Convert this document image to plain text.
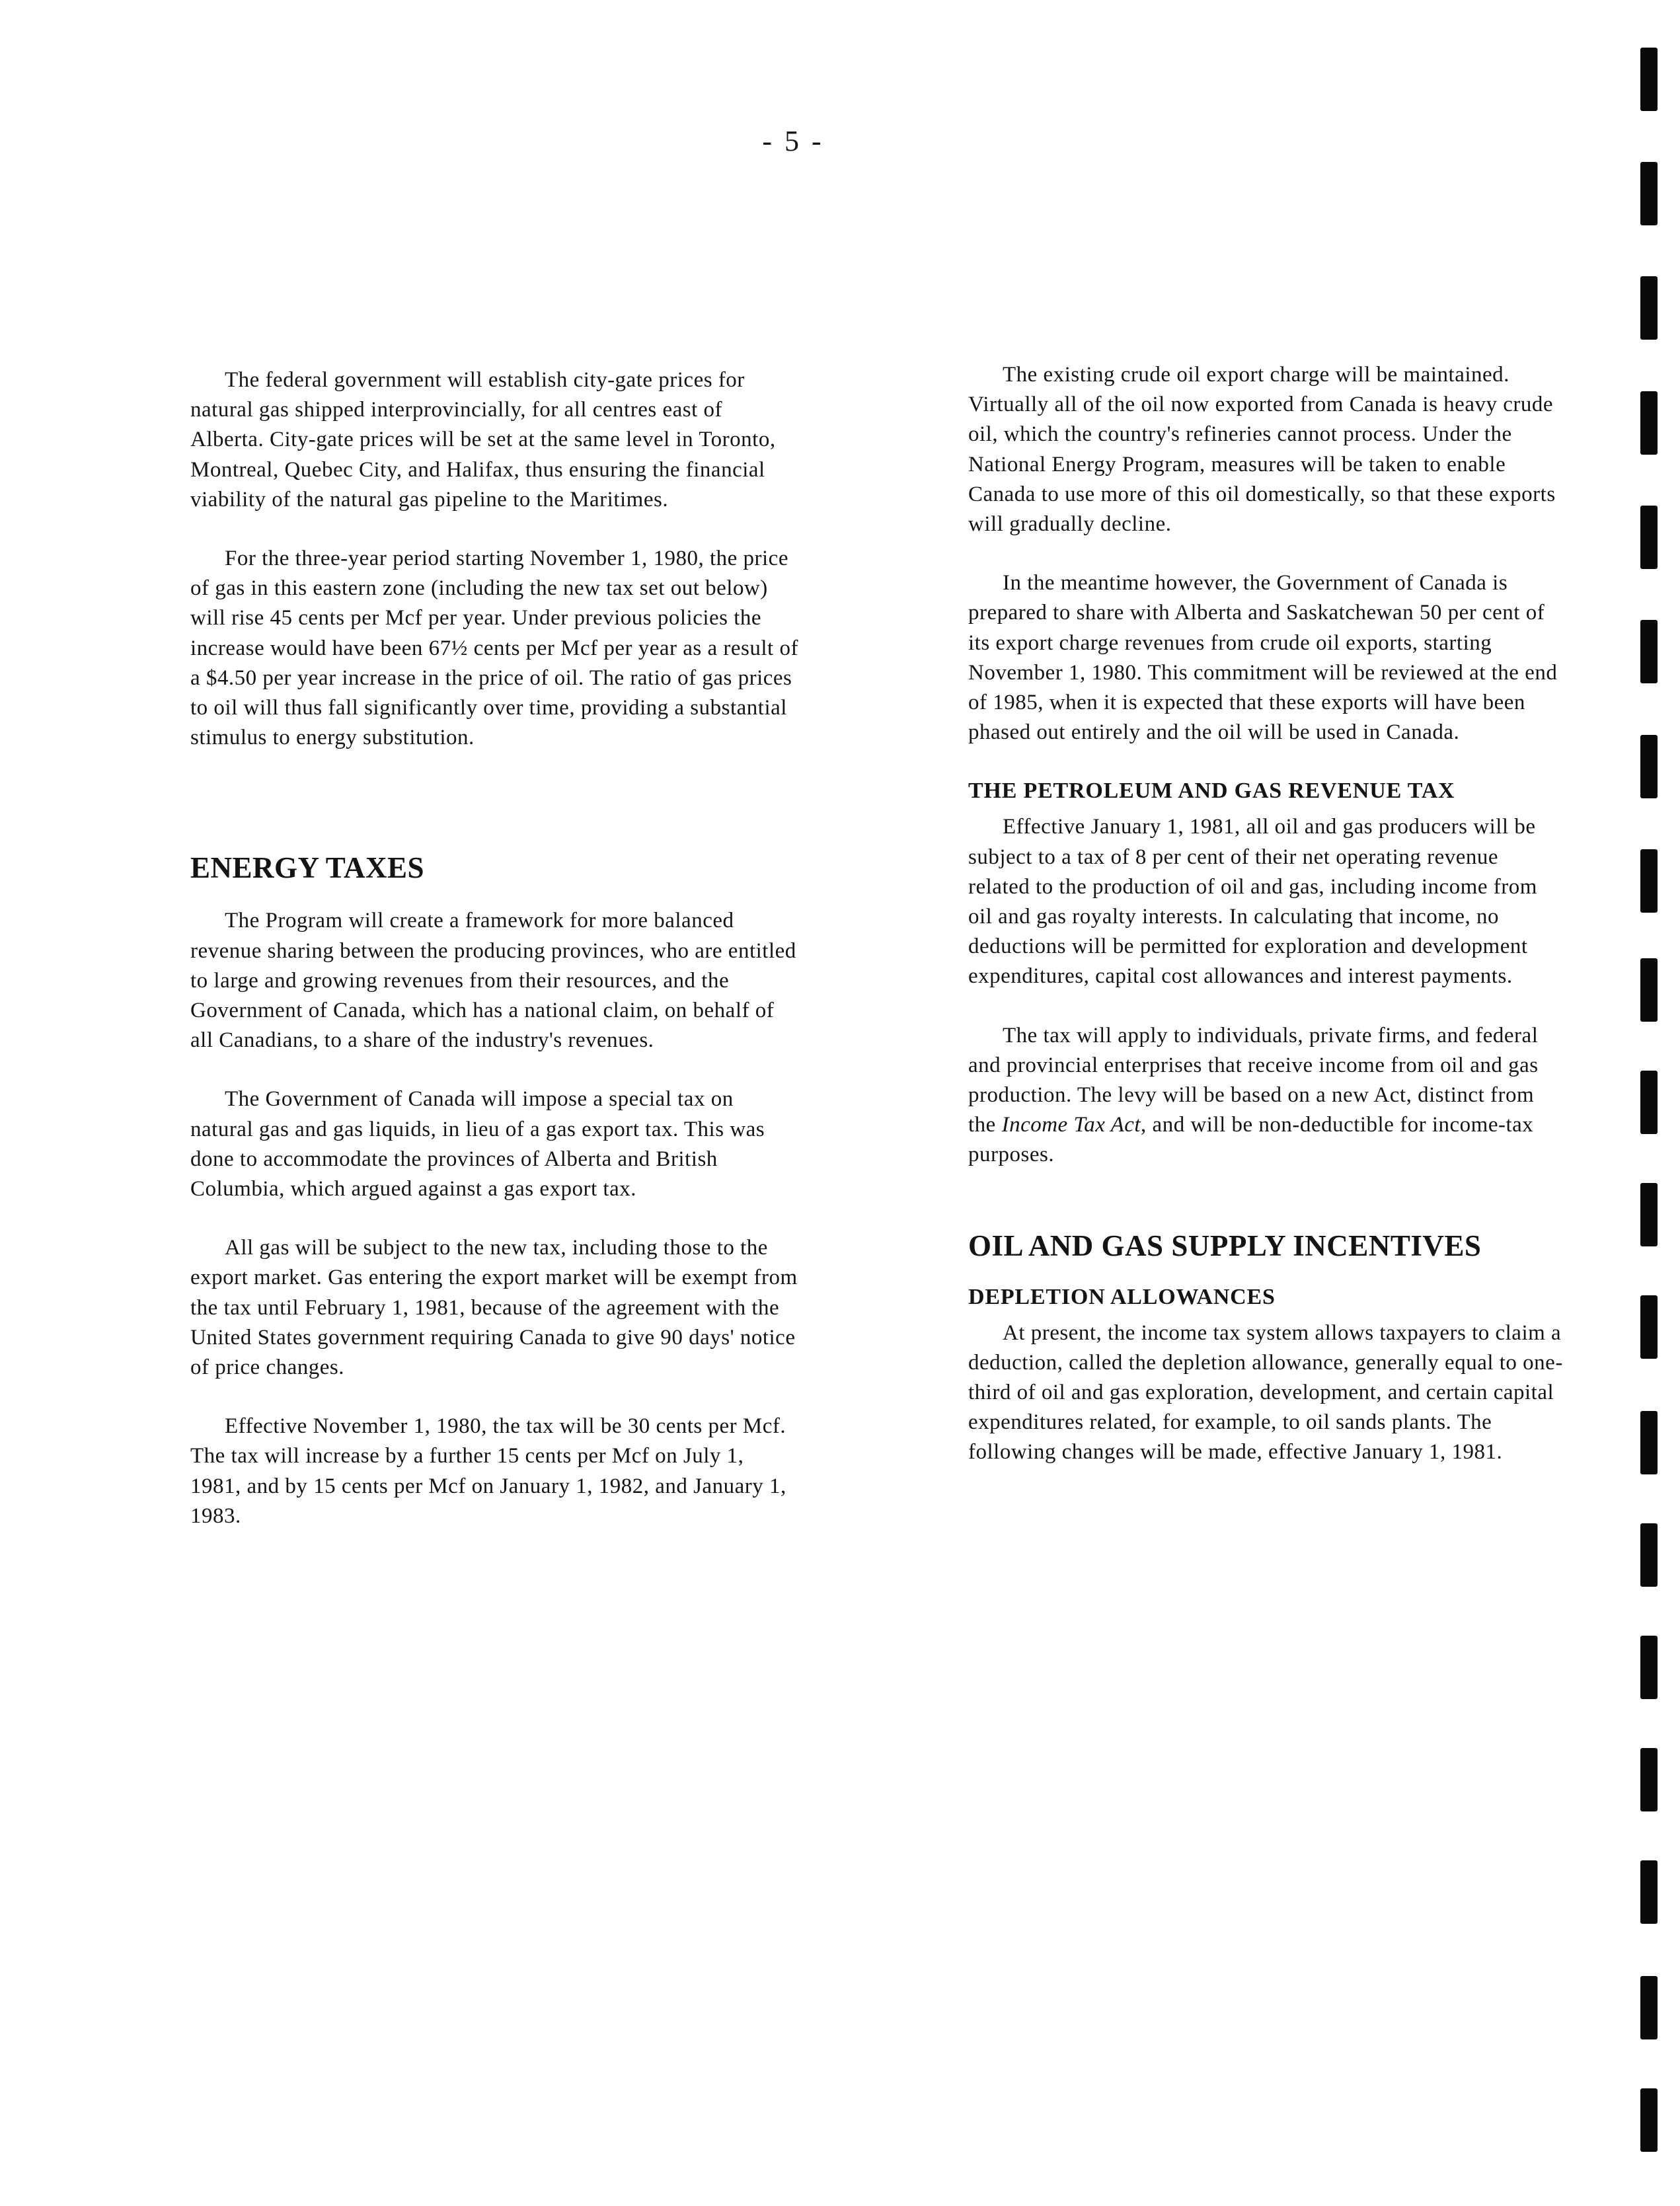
- 5 -

The federal government will establish city-gate prices for natural gas shipped interprovincially, for all centres east of Alberta. City-gate prices will be set at the same level in Toronto, Montreal, Quebec City, and Halifax, thus ensuring the financial viability of the natural gas pipeline to the Maritimes.

For the three-year period starting November 1, 1980, the price of gas in this eastern zone (including the new tax set out below) will rise 45 cents per Mcf per year. Under previous policies the increase would have been 67½ cents per Mcf per year as a result of a $4.50 per year increase in the price of oil. The ratio of gas prices to oil will thus fall significantly over time, providing a substantial stimulus to energy substitution.

ENERGY TAXES

The Program will create a framework for more balanced revenue sharing between the producing provinces, who are entitled to large and growing revenues from their resources, and the Government of Canada, which has a national claim, on behalf of all Canadians, to a share of the industry's revenues.

The Government of Canada will impose a special tax on natural gas and gas liquids, in lieu of a gas export tax. This was done to accommodate the provinces of Alberta and British Columbia, which argued against a gas export tax.

All gas will be subject to the new tax, including those to the export market. Gas entering the export market will be exempt from the tax until February 1, 1981, because of the agreement with the United States government requiring Canada to give 90 days' notice of price changes.

Effective November 1, 1980, the tax will be 30 cents per Mcf. The tax will increase by a further 15 cents per Mcf on July 1, 1981, and by 15 cents per Mcf on January 1, 1982, and January 1, 1983.

The existing crude oil export charge will be maintained. Virtually all of the oil now exported from Canada is heavy crude oil, which the country's refineries cannot process. Under the National Energy Program, measures will be taken to enable Canada to use more of this oil domestically, so that these exports will gradually decline.

In the meantime however, the Government of Canada is prepared to share with Alberta and Saskatchewan 50 per cent of its export charge revenues from crude oil exports, starting November 1, 1980. This commitment will be reviewed at the end of 1985, when it is expected that these exports will have been phased out entirely and the oil will be used in Canada.

THE PETROLEUM AND GAS REVENUE TAX

Effective January 1, 1981, all oil and gas producers will be subject to a tax of 8 per cent of their net operating revenue related to the production of oil and gas, including income from oil and gas royalty interests. In calculating that income, no deductions will be permitted for exploration and development expenditures, capital cost allowances and interest payments.

The tax will apply to individuals, private firms, and federal and provincial enterprises that receive income from oil and gas production. The levy will be based on a new Act, distinct from the Income Tax Act, and will be non-deductible for income-tax purposes.

OIL AND GAS SUPPLY INCENTIVES
DEPLETION ALLOWANCES

At present, the income tax system allows taxpayers to claim a deduction, called the depletion allowance, generally equal to one-third of oil and gas exploration, development, and certain capital expenditures related, for example, to oil sands plants. The following changes will be made, effective January 1, 1981.
